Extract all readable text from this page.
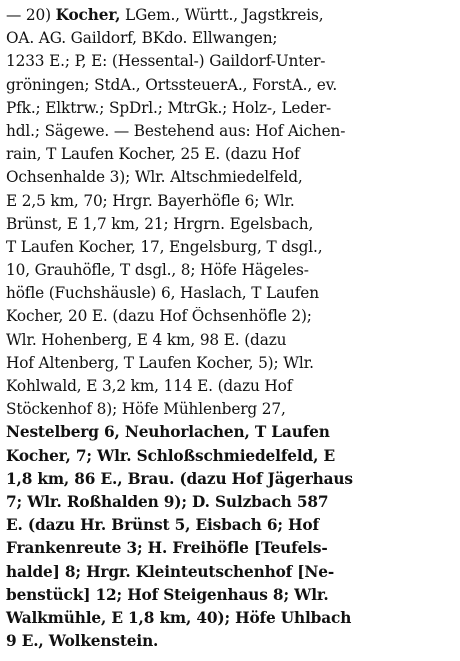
— 20) Kocher, LGem., Württ., Jagstkreis,
OA. AG. Gaildorf, BKdo. Ellwangen;
1233 E.; P, E: (Hessental-) Gaildorf-Unter-
gröningen; StdA., OrtssteuerA., ForstA., ev.
Pfk.; Elktrw.; SpDrl.; MtrGk.; Holz-, Leder-
hdl.; Sägewe. — Bestehend aus: Hof Aichen-
rain, T Laufen Kocher, 25 E. (dazu Hof
Ochsenhalde 3); Wlr. Altschmiedelfeld,
E 2,5 km, 70; Hrgr. Bayerhöfle 6; Wlr.
Brünst, E 1,7 km, 21; Hrgrn. Egelsbach,
T Laufen Kocher, 17, Engelsburg, T dsgl.,
10, Grauhöfle, T dsgl., 8; Höfe Hägeles-
höfle (Fuchshäusle) 6, Haslach, T Laufen
Kocher, 20 E. (dazu Hof Öchsenhöfle 2);
Wlr. Hohenberg, E 4 km, 98 E. (dazu
Hof Altenberg, T Laufen Kocher, 5); Wlr.
Kohlwald, E 3,2 km, 114 E. (dazu Hof
Stöckenhof 8); Höfe Mühlenberg 27,
Nestelberg 6, Neuhorlachen, T Laufen
Kocher, 7; Wlr. Schloßschmiedelfeld, E
1,8 km, 86 E., Brau. (dazu Hof Jägerhaus
7; Wlr. Roßhalden 9); D. Sulzbach 587
E. (dazu Hr. Brünst 5, Eisbach 6; Hof
Frankenreute 3; H. Freihöfle [Teufels-
halde] 8; Hrgr. Kleinteutschenhof [Ne-
benstück] 12; Hof Steigenhaus 8; Wlr.
Walkmühle, E 1,8 km, 40); Höfe Uhlbach
9 E., Wolkenstein.
